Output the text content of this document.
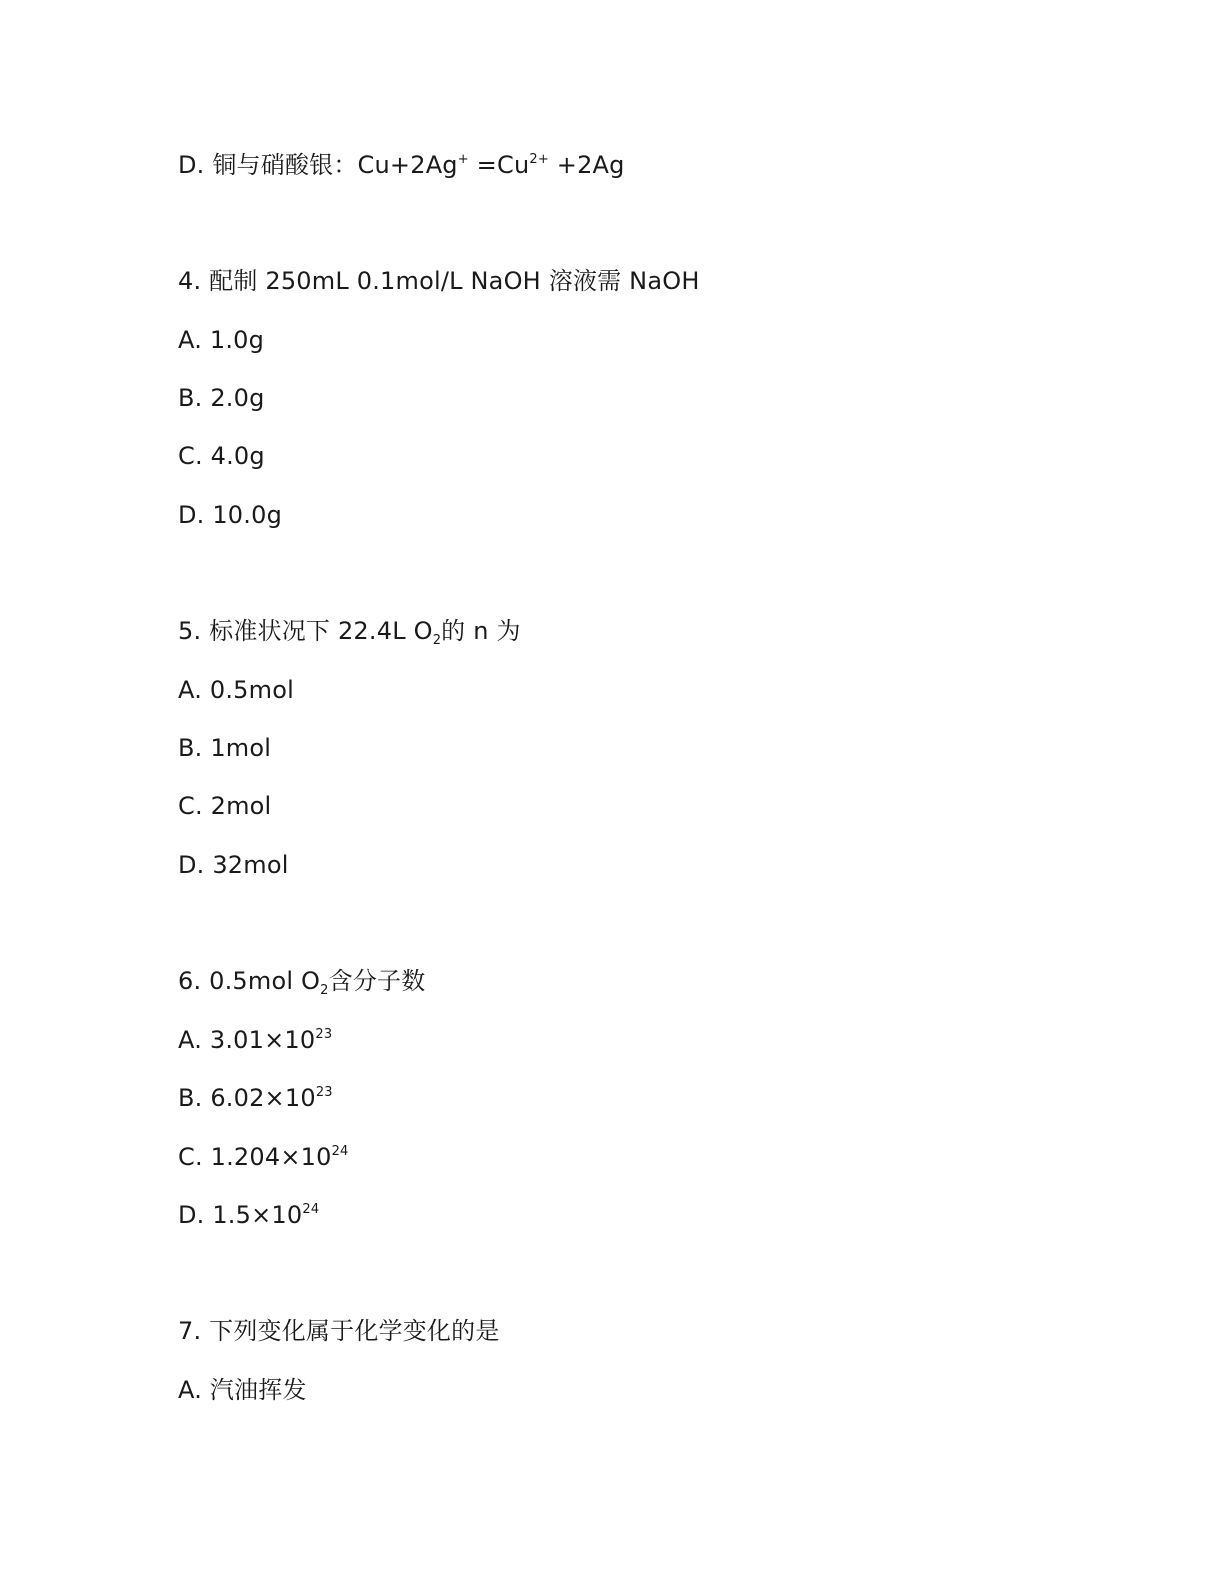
D. 铜与硝酸银：$Cu+2Ag^+ =Cu^{2+} +2Ag$
4. 配制 250mL 0.1mol/L NaOH 溶液需 NaOH
A. 1.0g
B. 2.0g
C. 4.0g
D. 10.0g
5. 标准状况下 22.4L $O_2$的 n 为
A. 0.5mol
B. 1mol
C. 2mol
D. 32mol
6. 0.5mol $O_2$含分子数
A. $3.01\times 10^{23}$
B. $6.02\times 10^{23}$
C. $1.204\times 10^{24}$
D. $1.5\times 10^{24}$
7. 下列变化属于化学变化的是
A. 汽油挥发
